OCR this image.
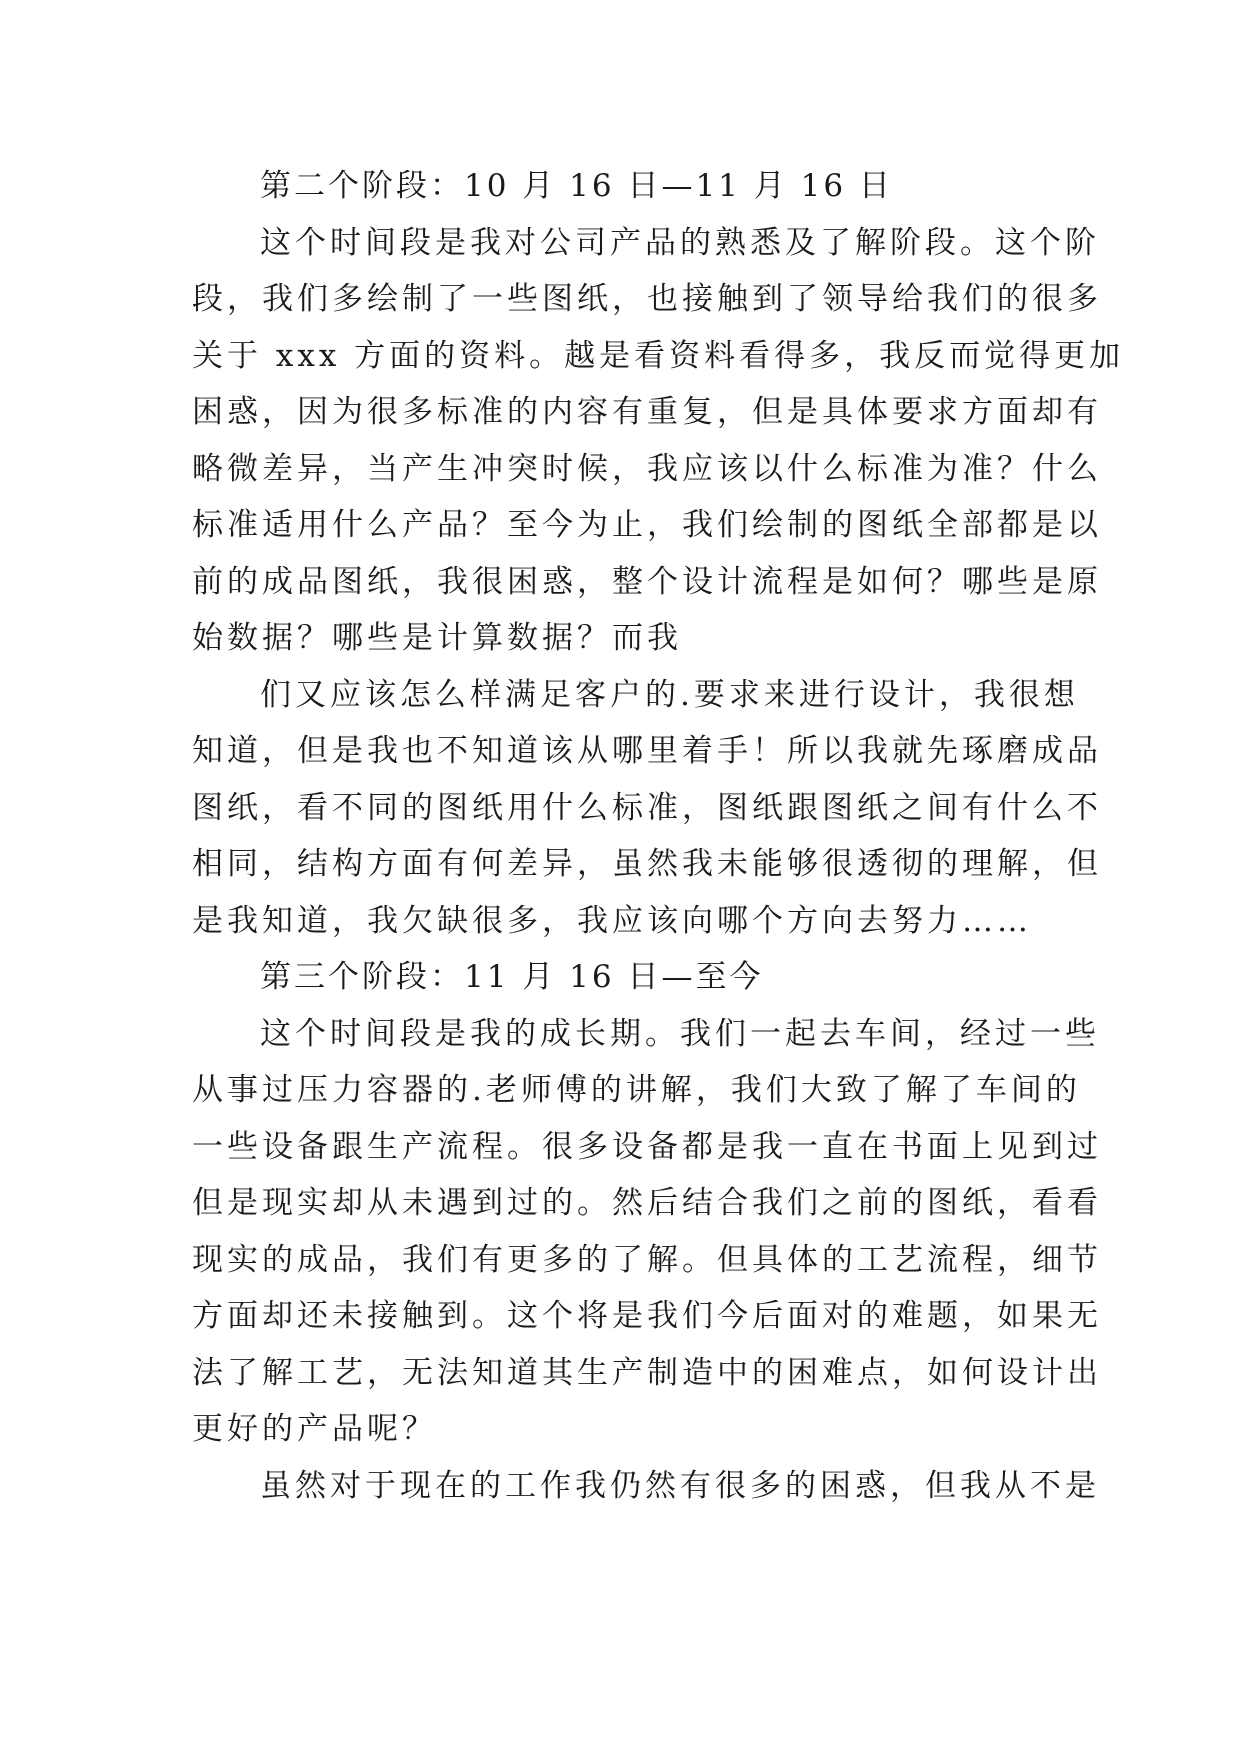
第二个阶段：10 月 16 日—11 月 16 日
这个时间段是我对公司产品的熟悉及了解阶段。这个阶
段，我们多绘制了一些图纸，也接触到了领导给我们的很多
关于 xxx 方面的资料。越是看资料看得多，我反而觉得更加
困惑，因为很多标准的内容有重复，但是具体要求方面却有
略微差异，当产生冲突时候，我应该以什么标准为准？什么
标准适用什么产品？至今为止，我们绘制的图纸全部都是以
前的成品图纸，我很困惑，整个设计流程是如何？哪些是原
始数据？哪些是计算数据？而我
们又应该怎么样满足客户的.要求来进行设计，我很想
知道，但是我也不知道该从哪里着手！所以我就先琢磨成品
图纸，看不同的图纸用什么标准，图纸跟图纸之间有什么不
相同，结构方面有何差异，虽然我未能够很透彻的理解，但
是我知道，我欠缺很多，我应该向哪个方向去努力……
第三个阶段：11 月 16 日—至今
这个时间段是我的成长期。我们一起去车间，经过一些
从事过压力容器的.老师傅的讲解，我们大致了解了车间的
一些设备跟生产流程。很多设备都是我一直在书面上见到过
但是现实却从未遇到过的。然后结合我们之前的图纸，看看
现实的成品，我们有更多的了解。但具体的工艺流程，细节
方面却还未接触到。这个将是我们今后面对的难题，如果无
法了解工艺，无法知道其生产制造中的困难点，如何设计出
更好的产品呢？
虽然对于现在的工作我仍然有很多的困惑，但我从不是
